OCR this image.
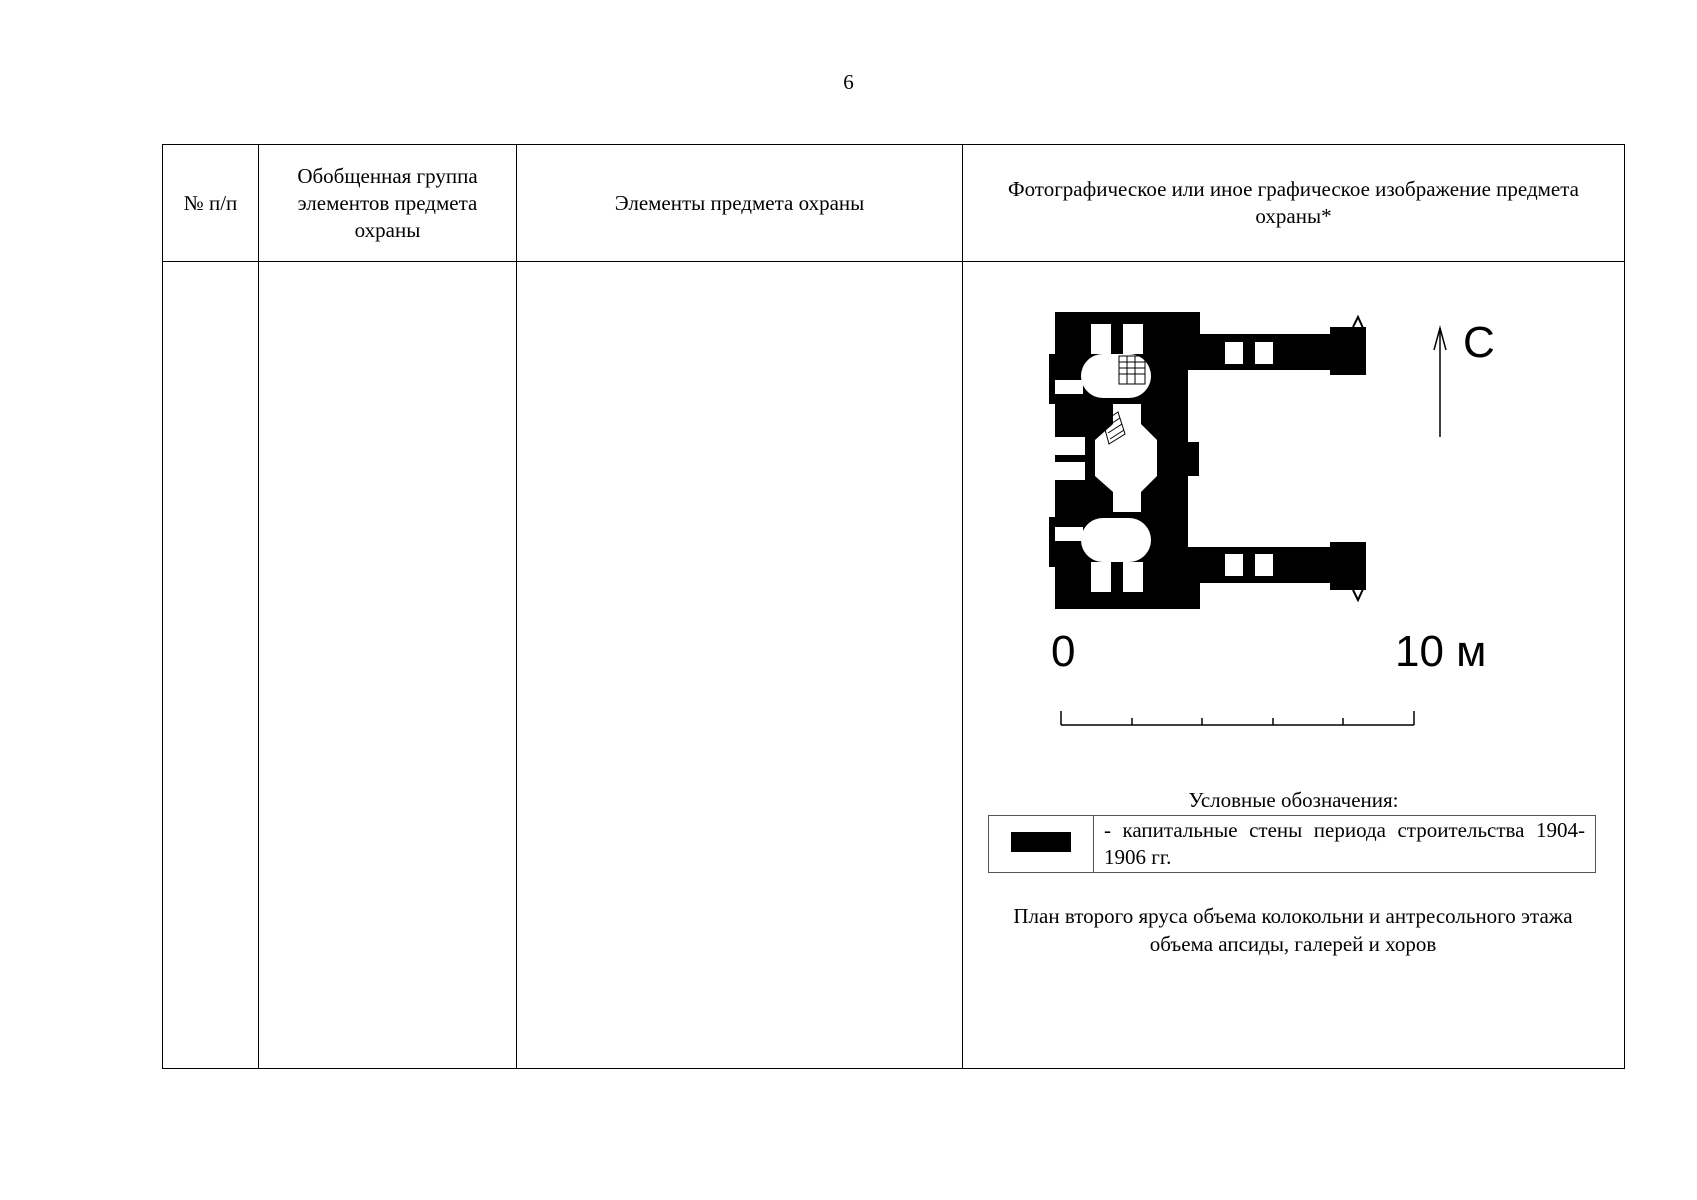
6
№ п/п	Обобщенная группа элементов предмета охраны	Элементы предмета охраны	Фотографическое или иное графическое изображение предмета охраны*

С
0	10 м
Условные обозначения:
	- капитальные стены периода строительства 1904-1906 гг.
План второго яруса объема колокольни и антресольного этажа объема апсиды, галерей и хоров
